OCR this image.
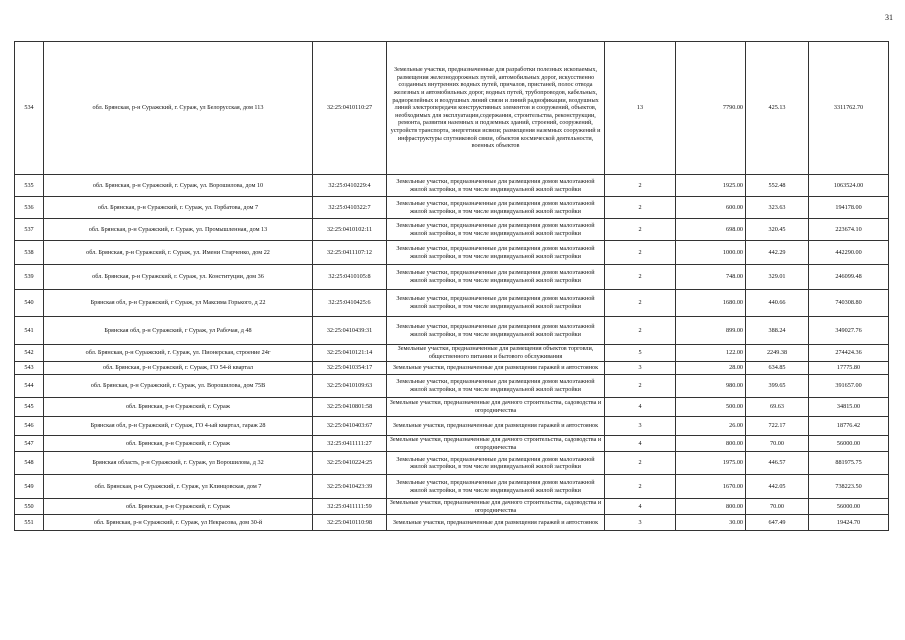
31
534	обл. Брянская, р-н Суражский, г. Сураж, ул Белорусская, дом 113	32:25:0410110:27	Земельные участки, предназначенные для разработки полезных ископаемых, размещения железнодорожных путей, автомобильных дорог, искусственно созданных внутренних водных путей, причалов, пристаней, полос отвода железных и автомобильных дорог, водных путей, трубопроводов, кабельных, радиорелейных и воздушных линий связи и линий радиофикации, воздушных линий электропередачи конструктивных элементов и сооружений, объектов, необходимых для эксплуатации,содержания, строительства, реконструкции, ремонта, развития наземных и подземных зданий, строений, сооружений, устройств транспорта, энергетики исвязи; размещения наземных сооружений и инфраструктуры спутниковой связи, объектов космической деятельности, военных объектов	13	7790.00	425.13	3311762.70
535	обл. Брянская, р-н Суражский, г. Сураж, ул. Ворошилова, дом 10	32:25:0410229:4	Земельные участки, предназначенные для размещения домов малоэтажной жилой застройки, в том числе индивидуальной жилой застройки	2	1925.00	552.48	1063524.00
536	обл. Брянская, р-н Суражский, г. Сураж, ул. Горбатова, дом 7	32:25:0410322:7	Земельные участки, предназначенные для размещения домов малоэтажной жилой застройки, в том числе индивидуальной жилой застройки	2	600.00	323.63	194178.00
537	обл. Брянская, р-н Суражский, г. Сураж, ул. Промышленная, дом 13	32:25:0410102:11	Земельные участки, предназначенные для размещения домов малоэтажной жилой застройки, в том числе индивидуальной жилой застройки	2	698.00	320.45	223674.10
538	обл. Брянская, р-н Суражский, г. Сураж, ул. Имени Старченко, дом 22	32:25:0411107:12	Земельные участки, предназначенные для размещения домов малоэтажной жилой застройки, в том числе индивидуальной жилой застройки	2	1000.00	442.29	442290.00
539	обл. Брянская, р-н Суражский, г. Сураж, ул. Конституции, дом 36	32:25:0410105:8	Земельные участки, предназначенные для размещения домов малоэтажной жилой застройки, в том числе индивидуальной жилой застройки	2	748.00	329.01	246099.48
540	Брянская обл, р-н Суражский, г Сураж, ул Максима Горького, д 22	32:25:0410425:6	Земельные участки, предназначенные для размещения домов малоэтажной жилой застройки, в том числе индивидуальной жилой застройки	2	1680.00	440.66	740308.80
541	Брянская обл, р-н Суражский, г Сураж, ул Рабочая, д 48	32:25:0410439:31	Земельные участки, предназначенные для размещения домов малоэтажной жилой застройки, в том числе индивидуальной жилой застройки	2	899.00	388.24	349027.76
542	обл. Брянская, р-н Суражский, г. Сураж, ул. Пионерская, строение 24г	32:25:0410121:14	Земельные участки, предназначенные для размещения объектов торговли, общественного питания и бытового обслуживания	5	122.00	2249.38	274424.36
543	обл. Брянская, р-н Суражский, г. Сураж, ГО 54-й квартал	32:25:0410354:17	Земельные участки, предназначенные для размещения гаражей и автостоянок	3	28.00	634.85	17775.80
544	обл. Брянская, р-н Суражский, г. Сураж, ул. Ворошилова, дом 75В	32:25:0410109:63	Земельные участки, предназначенные для размещения домов малоэтажной жилой застройки, в том числе индивидуальной жилой застройки	2	980.00	399.65	391657.00
545	обл. Брянская, р-н Суражский, г. Сураж	32:25:0410801:58	Земельные участки, предназначенные для дачного строительства, садоводства и огородничества	4	500.00	69.63	34815.00
546	Брянская обл, р-н Суражский, г Сураж, ГО 4-ый квартал, гараж 28	32:25:0410403:67	Земельные участки, предназначенные для размещения гаражей и автостоянок	3	26.00	722.17	18776.42
547	обл. Брянская, р-н Суражский, г. Сураж	32:25:0411111:27	Земельные участки, предназначенные для дачного строительства, садоводства и огородничества	4	800.00	70.00	56000.00
548	Брянская область, р-н Суражский, г. Сураж, ул Ворошилова, д 32	32:25:0410224:25	Земельные участки, предназначенные для размещения домов малоэтажной жилой застройки, в том числе индивидуальной жилой застройки	2	1975.00	446.57	881975.75
549	обл. Брянская, р-н Суражский, г. Сураж, ул Клинцовская, дом 7	32:25:0410423:39	Земельные участки, предназначенные для размещения домов малоэтажной жилой застройки, в том числе индивидуальной жилой застройки	2	1670.00	442.05	738223.50
550	обл. Брянская, р-н Суражский, г. Сураж	32:25:0411111:59	Земельные участки, предназначенные для дачного строительства, садоводства и огородничества	4	800.00	70.00	56000.00
551	обл. Брянская, р-н Суражский, г. Сураж, ул Некрасова, дом 30-й	32:25:0410110:98	Земельные участки, предназначенные для размещения гаражей и автостоянок	3	30.00	647.49	19424.70
